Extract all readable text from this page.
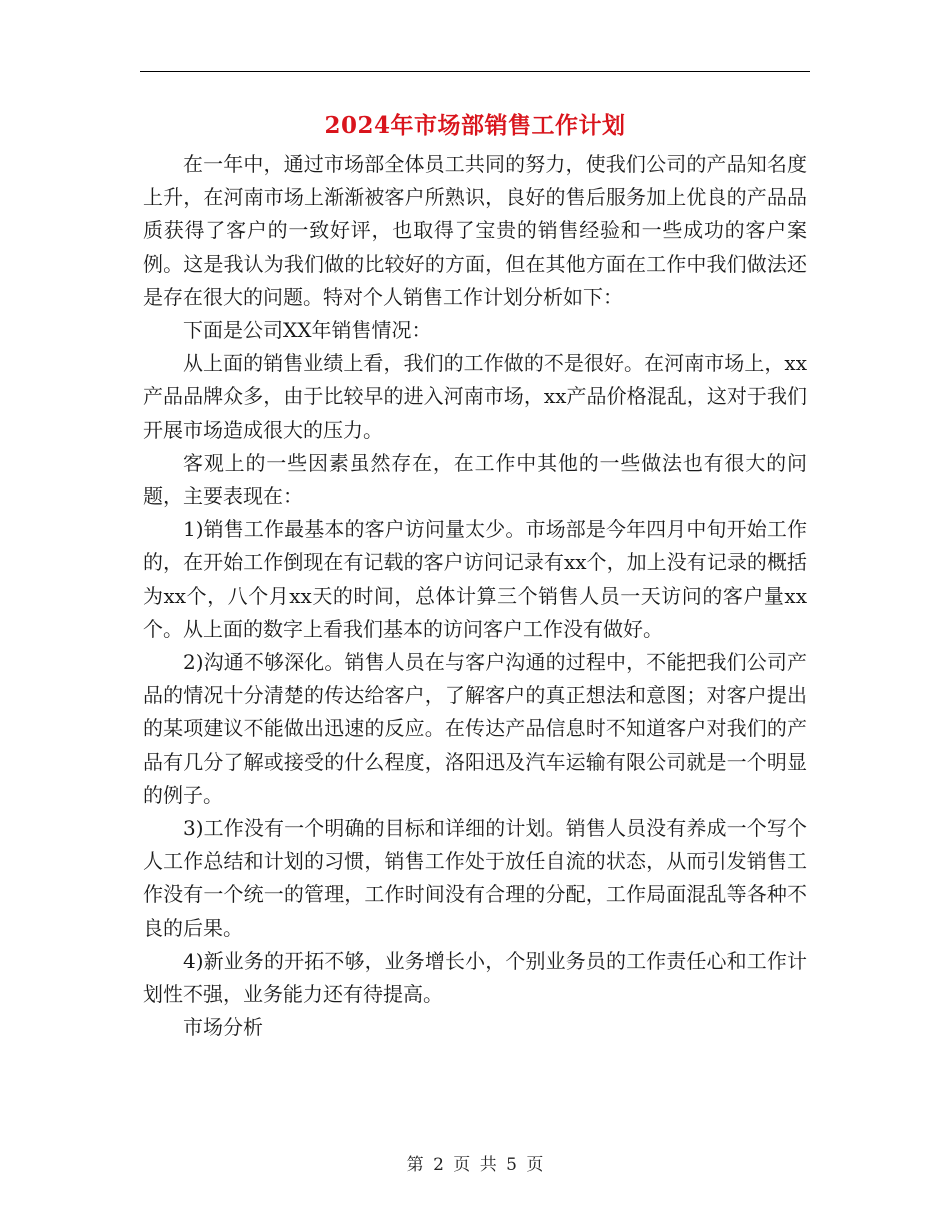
2024年市场部销售工作计划

在一年中，通过市场部全体员工共同的努力，使我们公司的产品知名度上升，在河南市场上渐渐被客户所熟识，良好的售后服务加上优良的产品品质获得了客户的一致好评，也取得了宝贵的销售经验和一些成功的客户案例。这是我认为我们做的比较好的方面，但在其他方面在工作中我们做法还是存在很大的问题。特对个人销售工作计划分析如下：

下面是公司XX年销售情况：

从上面的销售业绩上看，我们的工作做的不是很好。在河南市场上，xx产品品牌众多，由于比较早的进入河南市场，xx产品价格混乱，这对于我们开展市场造成很大的压力。

客观上的一些因素虽然存在，在工作中其他的一些做法也有很大的问题，主要表现在：

1)销售工作最基本的客户访问量太少。市场部是今年四月中旬开始工作的，在开始工作倒现在有记载的客户访问记录有xx个，加上没有记录的概括为xx个，八个月xx天的时间，总体计算三个销售人员一天访问的客户量xx个。从上面的数字上看我们基本的访问客户工作没有做好。

2)沟通不够深化。销售人员在与客户沟通的过程中，不能把我们公司产品的情况十分清楚的传达给客户，了解客户的真正想法和意图；对客户提出的某项建议不能做出迅速的反应。在传达产品信息时不知道客户对我们的产品有几分了解或接受的什么程度，洛阳迅及汽车运输有限公司就是一个明显的例子。

3)工作没有一个明确的目标和详细的计划。销售人员没有养成一个写个人工作总结和计划的习惯，销售工作处于放任自流的状态，从而引发销售工作没有一个统一的管理，工作时间没有合理的分配，工作局面混乱等各种不良的后果。

4)新业务的开拓不够，业务增长小，个别业务员的工作责任心和工作计划性不强，业务能力还有待提高。

市场分析

第 2 页 共 5 页
